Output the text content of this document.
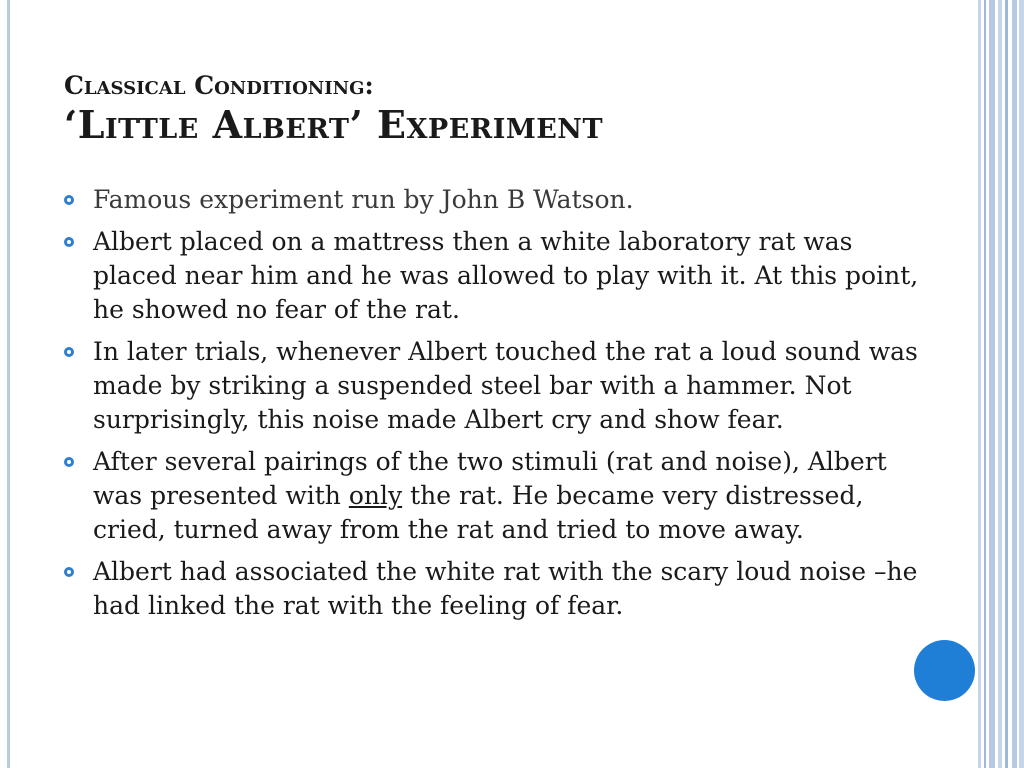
Classical Conditioning:
‘Little Albert’ Experiment
Famous experiment run by John B Watson.
Albert placed on a mattress then a white laboratory rat was placed near him and he was allowed to play with it. At this point, he showed no fear of the rat.
In later trials, whenever Albert touched the rat a loud sound was made by striking a suspended steel bar with a hammer. Not surprisingly, this noise made Albert cry and show fear.
After several pairings of the two stimuli (rat and noise), Albert was presented with only the rat. He became very distressed, cried, turned away from the rat and tried to move away.
Albert had associated the white rat with the scary loud noise –he had linked the rat with the feeling of fear.
